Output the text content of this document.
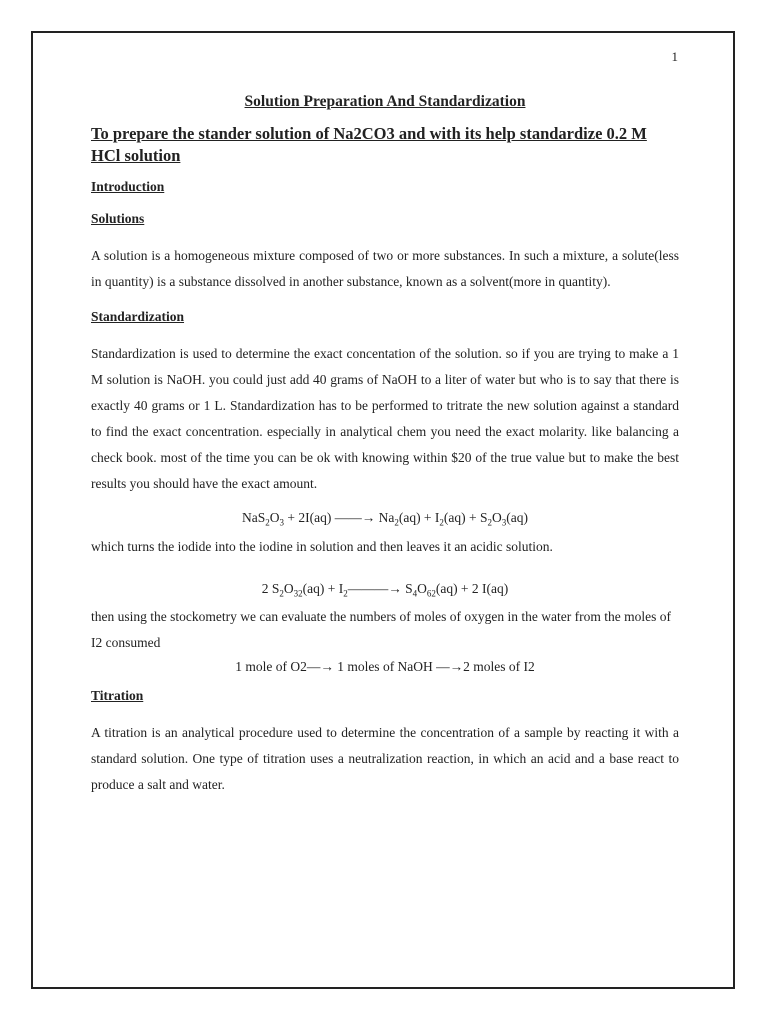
1
Solution Preparation And Standardization
To prepare the stander solution of Na2CO3 and with its help standardize 0.2 M HCl solution
Introduction
Solutions
A solution is a homogeneous mixture composed of two or more substances. In such a mixture, a solute(less in quantity) is a substance dissolved in another substance, known as a solvent(more in quantity).
Standardization
Standardization is used to determine the exact concentation of the solution. so if you are trying to make a 1 M solution is NaOH. you could just add 40 grams of NaOH to a liter of water but who is to say that there is exactly 40 grams or 1 L. Standardization has to be performed to tritrate the new solution against a standard to find the exact concentration. especially in analytical chem you need the exact molarity. like balancing a check book. most of the time you can be ok with knowing within $20 of the true value but to make the best results you should have the exact amount.
$NaS_2O_3 + 2I(aq)$ ——→ $Na_2(aq) + I_2(aq) + S_2O_3(aq)$
which turns the iodide into the iodine in solution and then leaves it an acidic solution.
2 $S_2O_{32}(aq)$ + $I_2———\to S_4O_{62}(aq) + 2$ I(aq)
then using the stockometry we can evaluate the numbers of moles of oxygen in the water from the moles of I2 consumed
1 mole of O2—→ 1 moles of NaOH —→2 moles of I2
Titration
A titration is an analytical procedure used to determine the concentration of a sample by reacting it with a standard solution. One type of titration uses a neutralization reaction, in which an acid and a base react to produce a salt and water.
